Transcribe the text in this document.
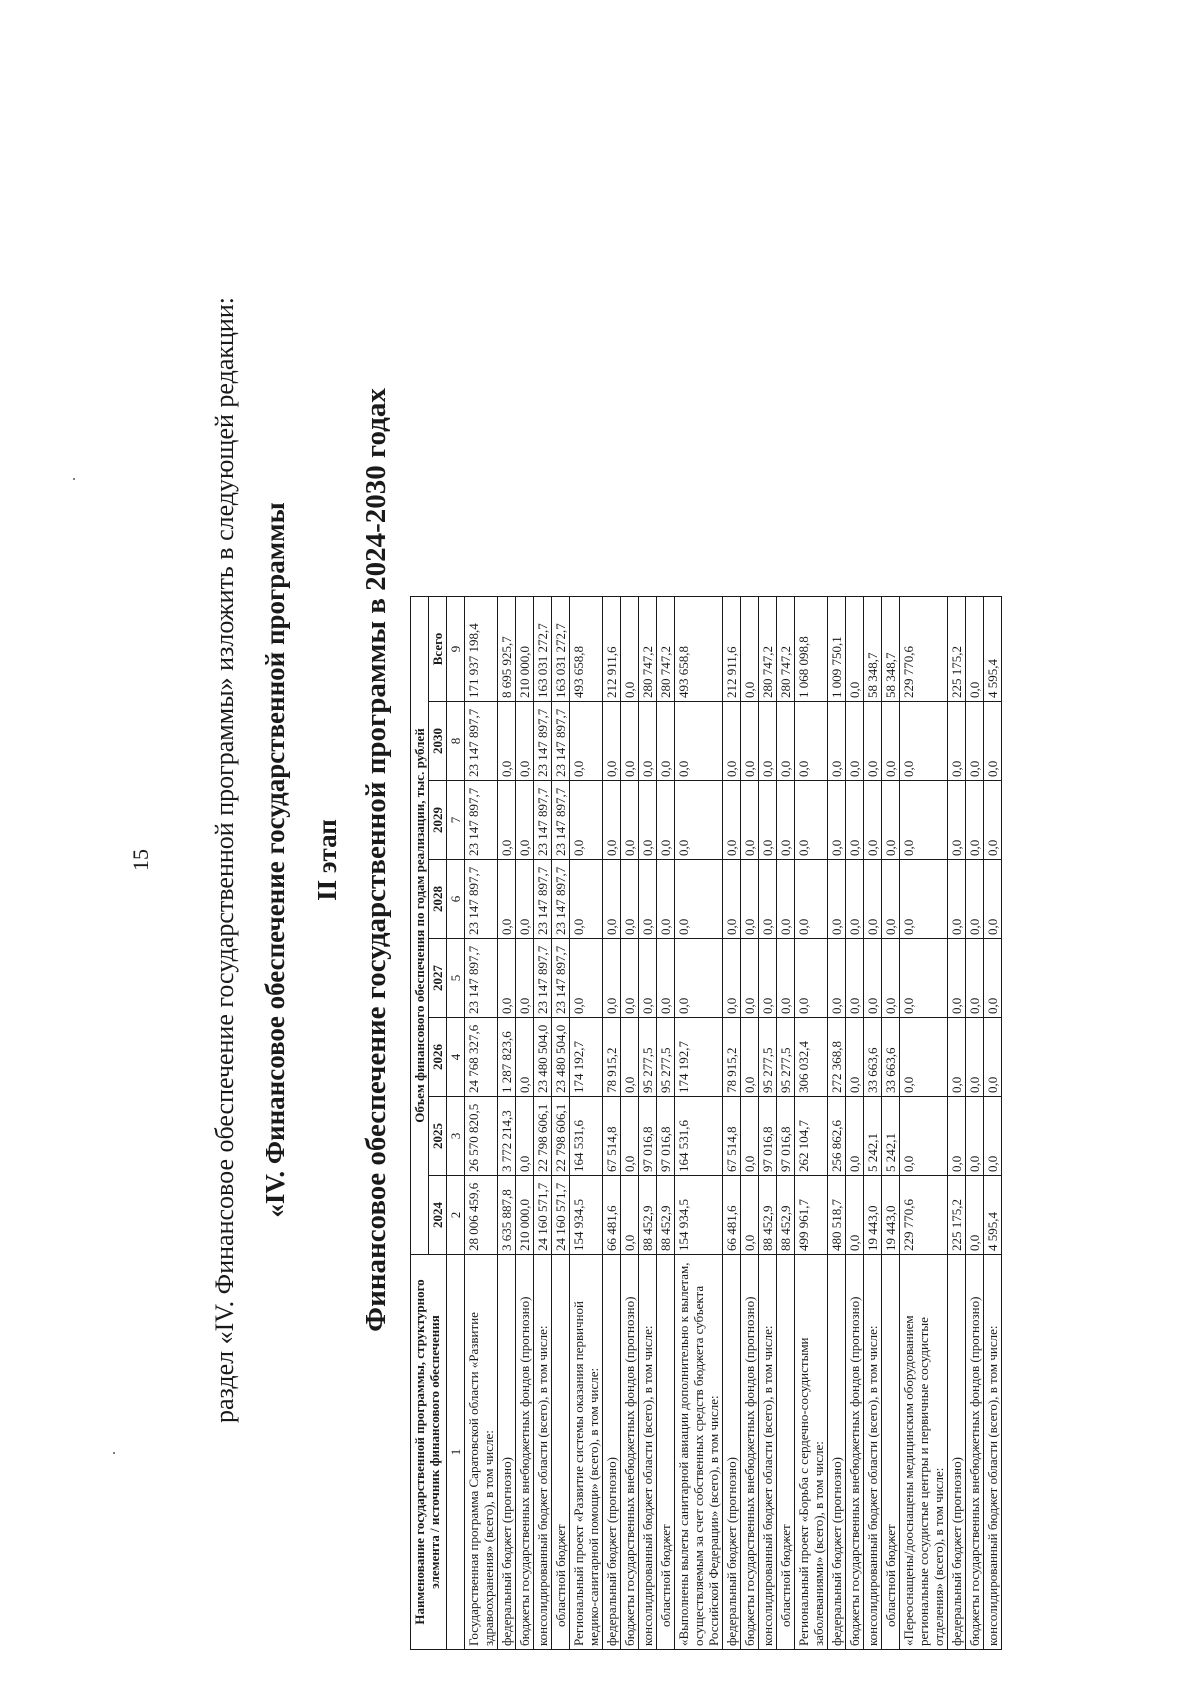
15 раздел «IV. Финансовое обеспечение государственной программы» изложить в следующей редакции: «IV. Финансовое обеспечение государственной программы II этап Финансовое обеспечение государственной программы в 2024-2030 годах
Наименование государственной программы, структурного элемента / источник финансового обеспечения	Объем финансового обеспечения по годам реализации, тыс. рублей							
	2024	2025	2026	2027	2028	2029	2030	Всего
1	2	3	4	5	6	7	8	9
Государственная программа Саратовской области «Развитие здравоохранения» (всего), в том числе:	28 006 459,6	26 570 820,5	24 768 327,6	23 147 897,7	23 147 897,7	23 147 897,7	23 147 897,7	171 937 198,4
федеральный бюджет (прогнозно)	3 635 887,8	3 772 214,3	1 287 823,6	0,0	0,0	0,0	0,0	8 695 925,7
бюджеты государственных внебюджетных фондов (прогнозно)	210 000,0	0,0	0,0	0,0	0,0	0,0	0,0	210 000,0
консолидированный бюджет области (всего), в том числе:	24 160 571,7	22 798 606,1	23 480 504,0	23 147 897,7	23 147 897,7	23 147 897,7	23 147 897,7	163 031 272,7
областной бюджет	24 160 571,7	22 798 606,1	23 480 504,0	23 147 897,7	23 147 897,7	23 147 897,7	23 147 897,7	163 031 272,7
Региональный проект «Развитие системы оказания первичной медико-санитарной помощи» (всего), в том числе:	154 934,5	164 531,6	174 192,7	0,0	0,0	0,0	0,0	493 658,8
федеральный бюджет (прогнозно)	66 481,6	67 514,8	78 915,2	0,0	0,0	0,0	0,0	212 911,6
бюджеты государственных внебюджетных фондов (прогнозно)	0,0	0,0	0,0	0,0	0,0	0,0	0,0	0,0
консолидированный бюджет области (всего), в том числе:	88 452,9	97 016,8	95 277,5	0,0	0,0	0,0	0,0	280 747,2
областной бюджет	88 452,9	97 016,8	95 277,5	0,0	0,0	0,0	0,0	280 747,2
«Выполнены вылеты санитарной авиации дополнительно к вылетам, осуществляемым за счет собственных средств бюджета субъекта Российской Федерации» (всего), в том числе:	154 934,5	164 531,6	174 192,7	0,0	0,0	0,0	0,0	493 658,8
федеральный бюджет (прогнозно)	66 481,6	67 514,8	78 915,2	0,0	0,0	0,0	0,0	212 911,6
бюджеты государственных внебюджетных фондов (прогнозно)	0,0	0,0	0,0	0,0	0,0	0,0	0,0	0,0
консолидированный бюджет области (всего), в том числе:	88 452,9	97 016,8	95 277,5	0,0	0,0	0,0	0,0	280 747,2
областной бюджет	88 452,9	97 016,8	95 277,5	0,0	0,0	0,0	0,0	280 747,2
Региональный проект «Борьба с сердечно-сосудистыми заболеваниями» (всего), в том числе:	499 961,7	262 104,7	306 032,4	0,0	0,0	0,0	0,0	1 068 098,8
федеральный бюджет (прогнозно)	480 518,7	256 862,6	272 368,8	0,0	0,0	0,0	0,0	1 009 750,1
бюджеты государственных внебюджетных фондов (прогнозно)	0,0	0,0	0,0	0,0	0,0	0,0	0,0	0,0
консолидированный бюджет области (всего), в том числе:	19 443,0	5 242,1	33 663,6	0,0	0,0	0,0	0,0	58 348,7
областной бюджет	19 443,0	5 242,1	33 663,6	0,0	0,0	0,0	0,0	58 348,7
«Переоснащены/дооснащены медицинским оборудованием региональные сосудистые центры и первичные сосудистые отделения» (всего), в том числе:	229 770,6	0,0	0,0	0,0	0,0	0,0	0,0	229 770,6
федеральный бюджет (прогнозно)	225 175,2	0,0	0,0	0,0	0,0	0,0	0,0	225 175,2
бюджеты государственных внебюджетных фондов (прогнозно)	0,0	0,0	0,0	0,0	0,0	0,0	0,0	0,0
консолидированный бюджет области (всего), в том числе:	4 595,4	0,0	0,0	0,0	0,0	0,0	0,0	4 595,4
